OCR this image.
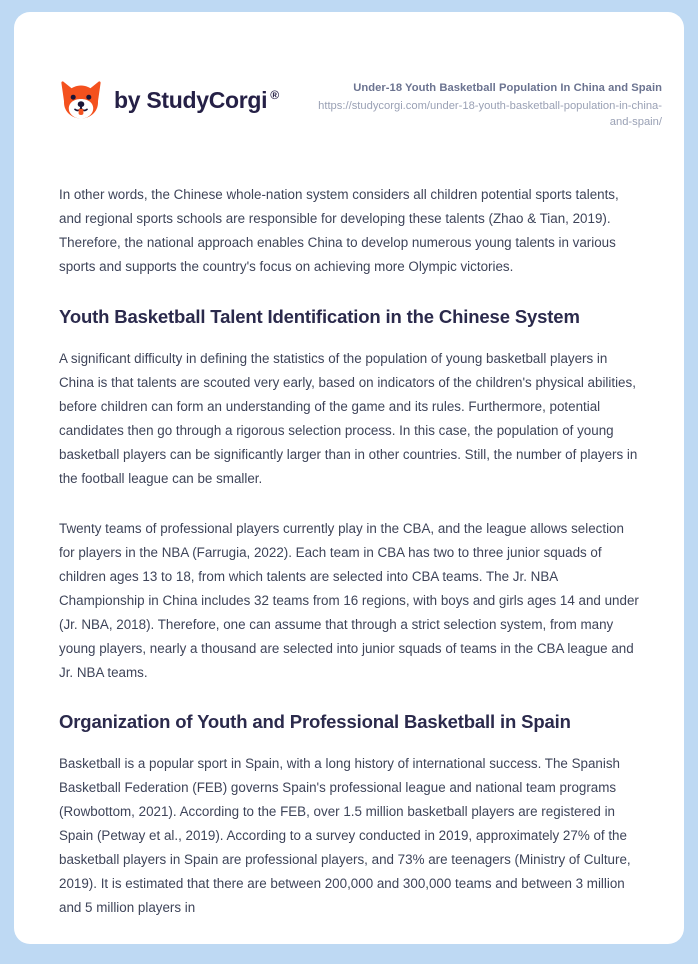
by StudyCorgi ®	Under-18 Youth Basketball Population In China and Spain
https://studycorgi.com/under-18-youth-basketball-population-in-china-and-spain/

In other words, the Chinese whole-nation system considers all children potential sports talents, and regional sports schools are responsible for developing these talents (Zhao & Tian, 2019). Therefore, the national approach enables China to develop numerous young talents in various sports and supports the country's focus on achieving more Olympic victories.

Youth Basketball Talent Identification in the Chinese System

A significant difficulty in defining the statistics of the population of young basketball players in China is that talents are scouted very early, based on indicators of the children's physical abilities, before children can form an understanding of the game and its rules. Furthermore, potential candidates then go through a rigorous selection process. In this case, the population of young basketball players can be significantly larger than in other countries. Still, the number of players in the football league can be smaller.

Twenty teams of professional players currently play in the CBA, and the league allows selection for players in the NBA (Farrugia, 2022). Each team in CBA has two to three junior squads of children ages 13 to 18, from which talents are selected into CBA teams. The Jr. NBA Championship in China includes 32 teams from 16 regions, with boys and girls ages 14 and under (Jr. NBA, 2018). Therefore, one can assume that through a strict selection system, from many young players, nearly a thousand are selected into junior squads of teams in the CBA league and Jr. NBA teams.

Organization of Youth and Professional Basketball in Spain

Basketball is a popular sport in Spain, with a long history of international success. The Spanish Basketball Federation (FEB) governs Spain's professional league and national team programs (Rowbottom, 2021). According to the FEB, over 1.5 million basketball players are registered in Spain (Petway et al., 2019). According to a survey conducted in 2019, approximately 27% of the basketball players in Spain are professional players, and 73% are teenagers (Ministry of Culture, 2019). It is estimated that there are between 200,000 and 300,000 teams and between 3 million and 5 million players in
